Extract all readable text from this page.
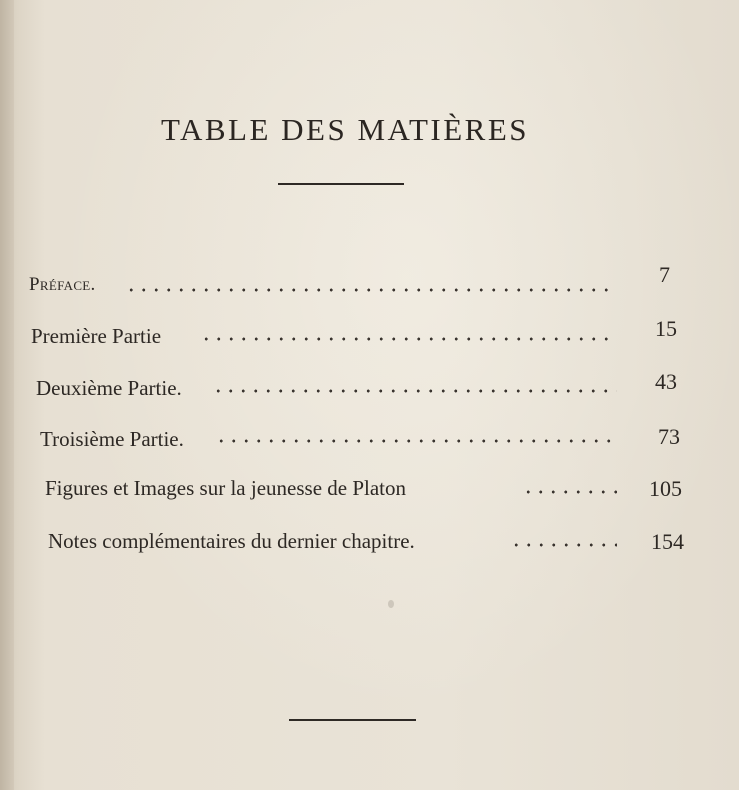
TABLE DES MATIÈRES
Préface.	7
Première Partie	15
Deuxième Partie.	43
Troisième Partie.	73
Figures et Images sur la jeunesse de Platon	105
Notes complémentaires du dernier chapitre.	154
